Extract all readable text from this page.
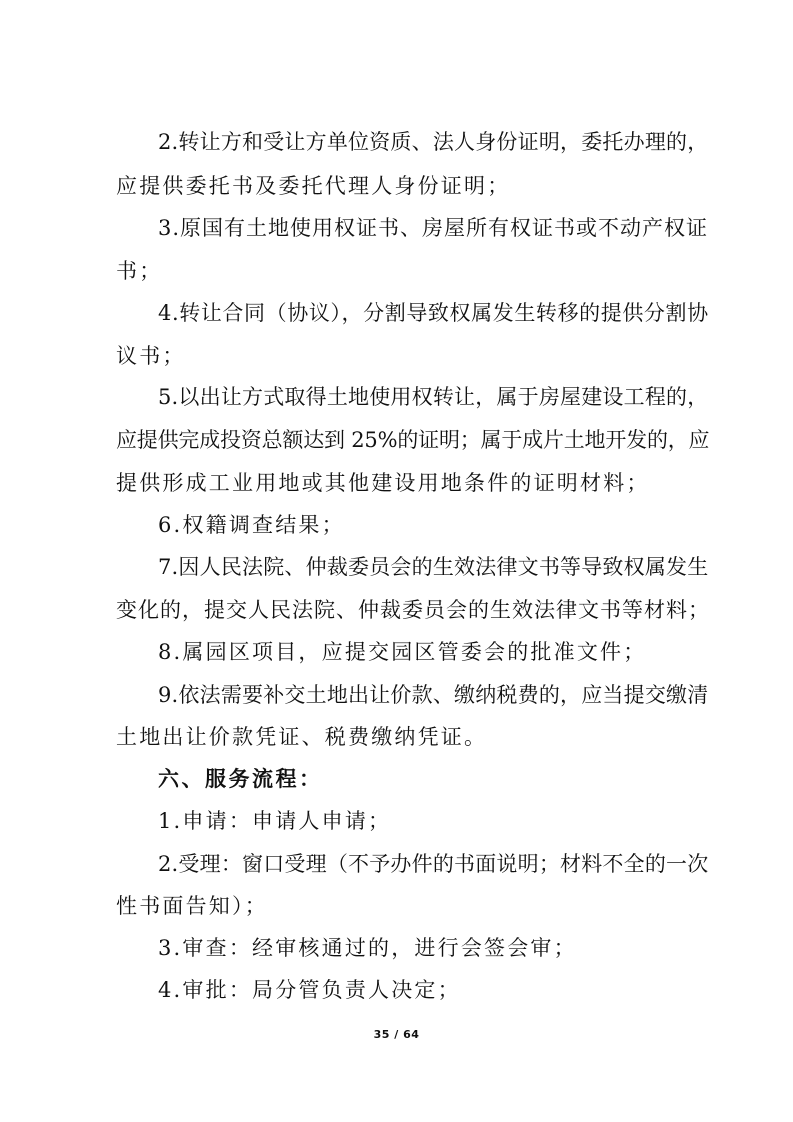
2.转让方和受让方单位资质、法人身份证明，委托办理的，
应提供委托书及委托代理人身份证明；
3.原国有土地使用权证书、房屋所有权证书或不动产权证
书；
4.转让合同（协议），分割导致权属发生转移的提供分割协
议书；
5.以出让方式取得土地使用权转让，属于房屋建设工程的，
应提供完成投资总额达到 25%的证明；属于成片土地开发的，应
提供形成工业用地或其他建设用地条件的证明材料；
6.权籍调查结果；
7.因人民法院、仲裁委员会的生效法律文书等导致权属发生
变化的，提交人民法院、仲裁委员会的生效法律文书等材料；
8.属园区项目，应提交园区管委会的批准文件；
9.依法需要补交土地出让价款、缴纳税费的，应当提交缴清
土地出让价款凭证、税费缴纳凭证。
六、服务流程：
1.申请：申请人申请；
2.受理：窗口受理（不予办件的书面说明；材料不全的一次
性书面告知）；
3.审查：经审核通过的，进行会签会审；
4.审批：局分管负责人决定；
35 / 64
